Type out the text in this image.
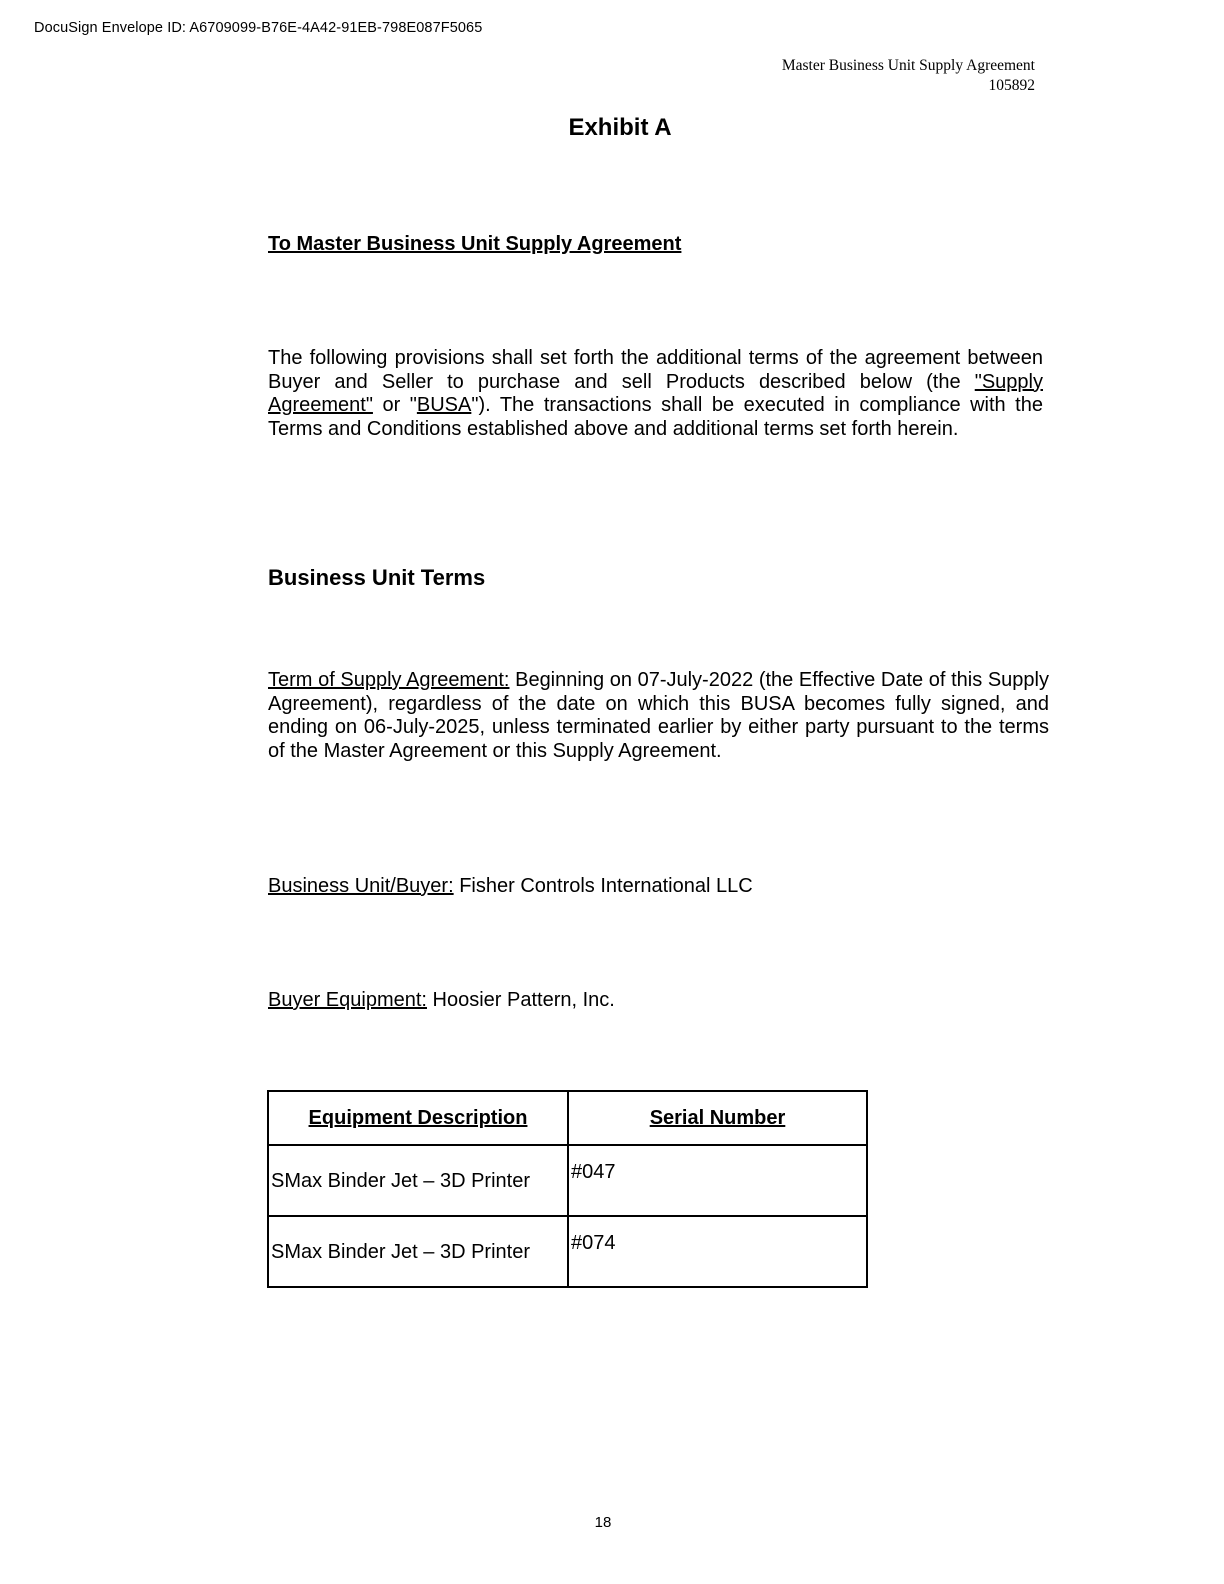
DocuSign Envelope ID: A6709099-B76E-4A42-91EB-798E087F5065
Master Business Unit Supply Agreement
105892
Exhibit A
To Master Business Unit Supply Agreement

The following provisions shall set forth the additional terms of the agreement between Buyer and Seller to purchase and sell Products described below (the "Supply Agreement" or "BUSA"). The transactions shall be executed in compliance with the Terms and Conditions established above and additional terms set forth herein.

Business Unit Terms

Term of Supply Agreement: Beginning on 07-July-2022 (the Effective Date of this Supply Agreement), regardless of the date on which this BUSA becomes fully signed, and ending on 06-July-2025, unless terminated earlier by either party pursuant to the terms of the Master Agreement or this Supply Agreement.

Business Unit/Buyer: Fisher Controls International LLC
Buyer Equipment: Hoosier Pattern, Inc.
Equipment Description	Serial Number
SMax Binder Jet – 3D Printer	#047
SMax Binder Jet – 3D Printer	#074
18
